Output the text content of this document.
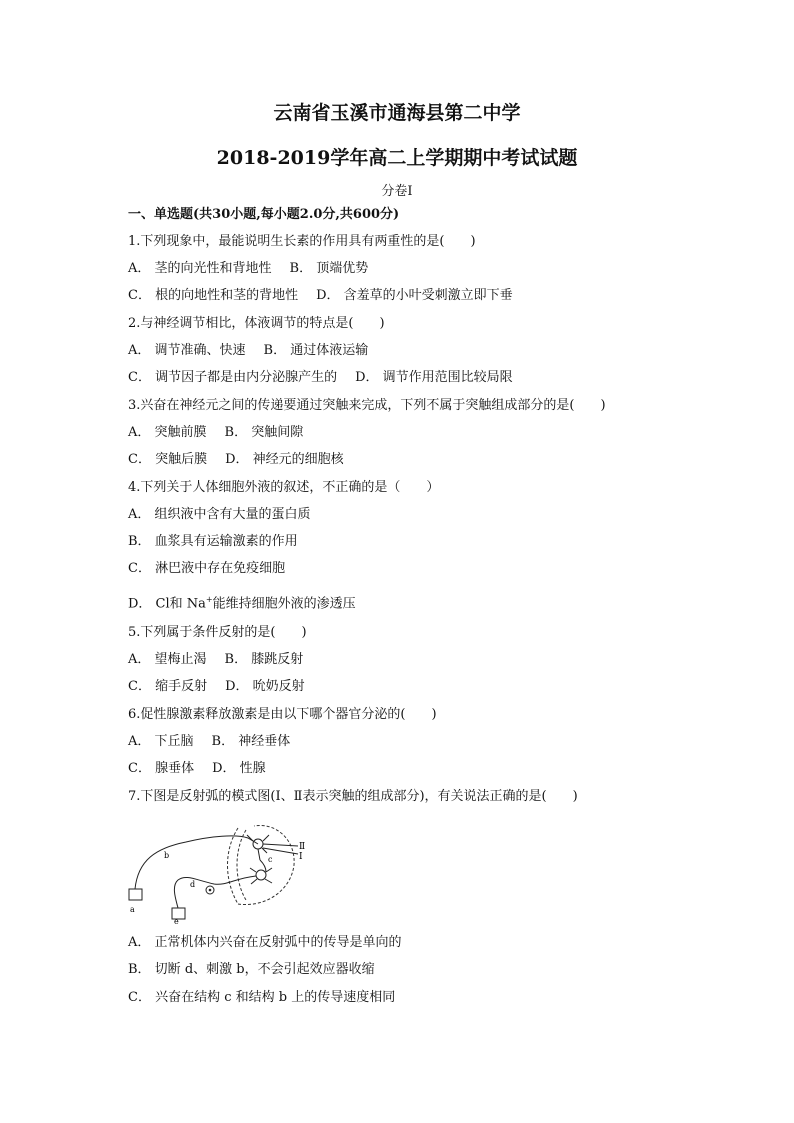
云南省玉溪市通海县第二中学
2018-2019学年高二上学期期中考试试题
分卷I
一、单选题(共30小题,每小题2.0分,共600分)
1.下列现象中，最能说明生长素的作用具有两重性的是(　　)
A． 茎的向光性和背地性 B． 顶端优势
C． 根的向地性和茎的背地性 D． 含羞草的小叶受刺激立即下垂
2.与神经调节相比，体液调节的特点是(　　)
A． 调节准确、快速 B． 通过体液运输
C． 调节因子都是由内分泌腺产生的 D． 调节作用范围比较局限
3.兴奋在神经元之间的传递要通过突触来完成，下列不属于突触组成部分的是(　　)
A． 突触前膜 B． 突触间隙
C． 突触后膜 D． 神经元的细胞核
4.下列关于人体细胞外液的叙述，不正确的是（　　）
A． 组织液中含有大量的蛋白质
B． 血浆具有运输激素的作用
C． 淋巴液中存在免疫细胞
D． Cl和 Na+能维持细胞外液的渗透压
5.下列属于条件反射的是(　　)
A． 望梅止渴 B． 膝跳反射
C． 缩手反射 D． 吮奶反射
6.促性腺激素释放激素是由以下哪个器官分泌的(　　)
A． 下丘脑 B． 神经垂体
C． 腺垂体 D． 性腺
7.下图是反射弧的模式图(Ⅰ、Ⅱ表示突触的组成部分)，有关说法正确的是(　　)
a
b	c
d
e
Ⅱ
Ⅰ
A． 正常机体内兴奋在反射弧中的传导是单向的
B． 切断 d、刺激 b，不会引起效应器收缩
C． 兴奋在结构 c 和结构 b 上的传导速度相同
